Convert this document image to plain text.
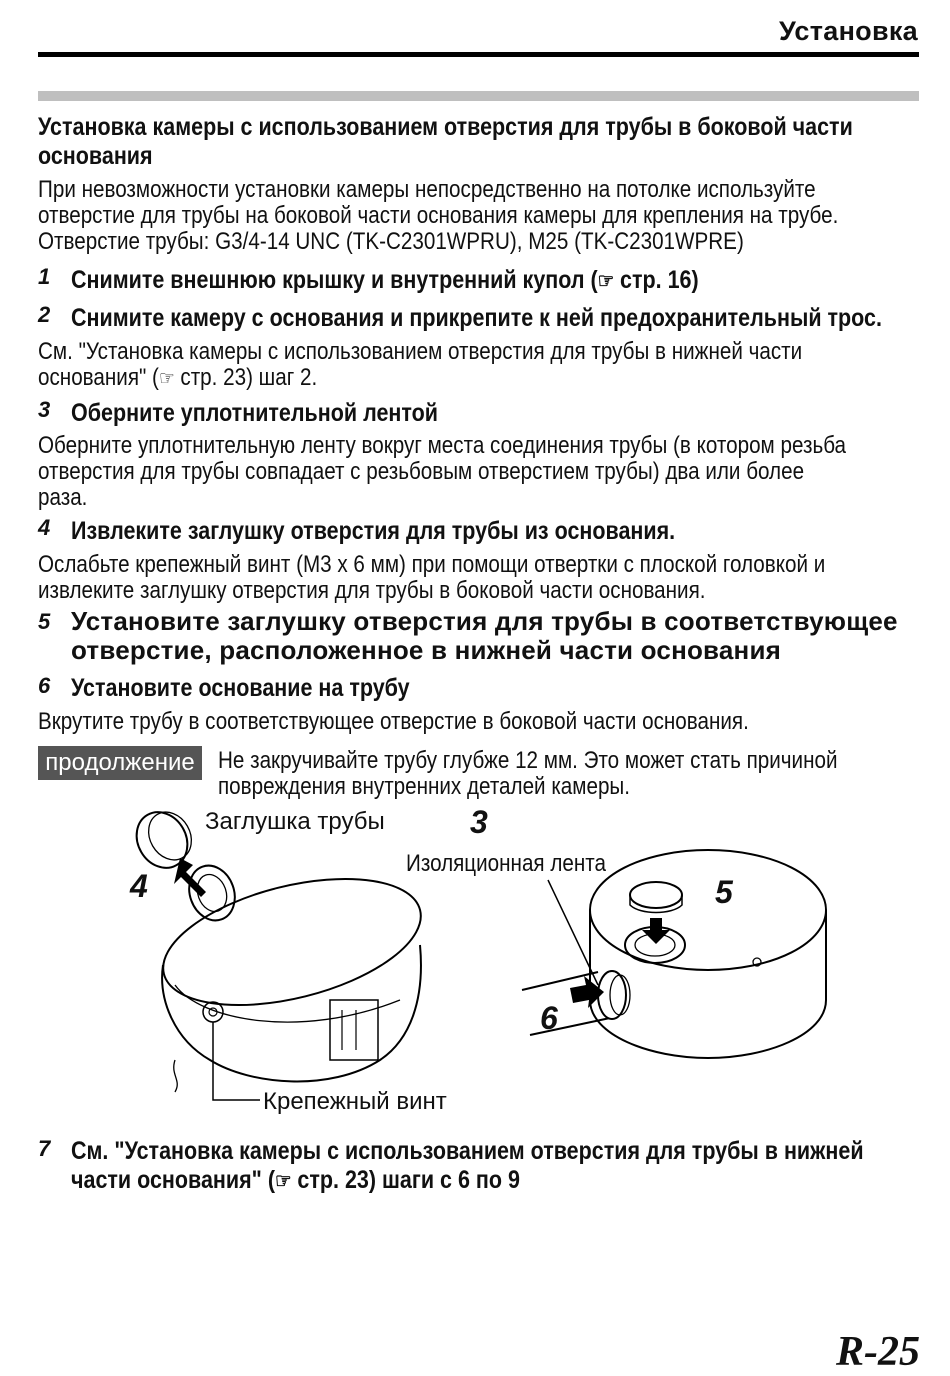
Установка
Установка камеры с использованием отверстия для трубы в боковой части
основания
При невозможности установки камеры непосредственно на потолке используйте
отверстие для трубы на боковой части основания камеры для крепления на трубе.
Отверстие трубы: G3/4-14 UNC (TK-C2301WPRU), M25 (TK-C2301WPRE)
1 Снимите внешнюю крышку и внутренний купол (☞ стр. 16)
2 Снимите камеру с основания и прикрепите к ней предохранительный трос.
См. "Установка камеры с использованием отверстия для трубы в нижней части
основания" (☞ стр. 23) шаг 2.
3 Оберните уплотнительной лентой
Оберните уплотнительную ленту вокруг места соединения трубы (в котором резьба
отверстия для трубы совпадает с резьбовым отверстием трубы) два или более
раза.
4 Извлеките заглушку отверстия для трубы из основания.
Ослабьте крепежный винт (M3 x 6 мм) при помощи отвертки с плоской головкой и
извлеките заглушку отверстия для трубы в боковой части основания.
5 Установите заглушку отверстия для трубы в соответствующее
отверстие, расположенное в нижней части основания
6 Установите основание на трубу
Вкрутите трубу в соответствующее отверстие в боковой части основания.
продолжение Не закручивайте трубу глубже 12 мм. Это может стать причиной
повреждения внутренних деталей камеры.
Заглушка трубы
Изоляционная лента
Крепежный винт
3
4	5
6
7 См. "Установка камеры с использованием отверстия для трубы в нижней
части основания" (☞ стр. 23) шаги с 6 по 9
R-25
